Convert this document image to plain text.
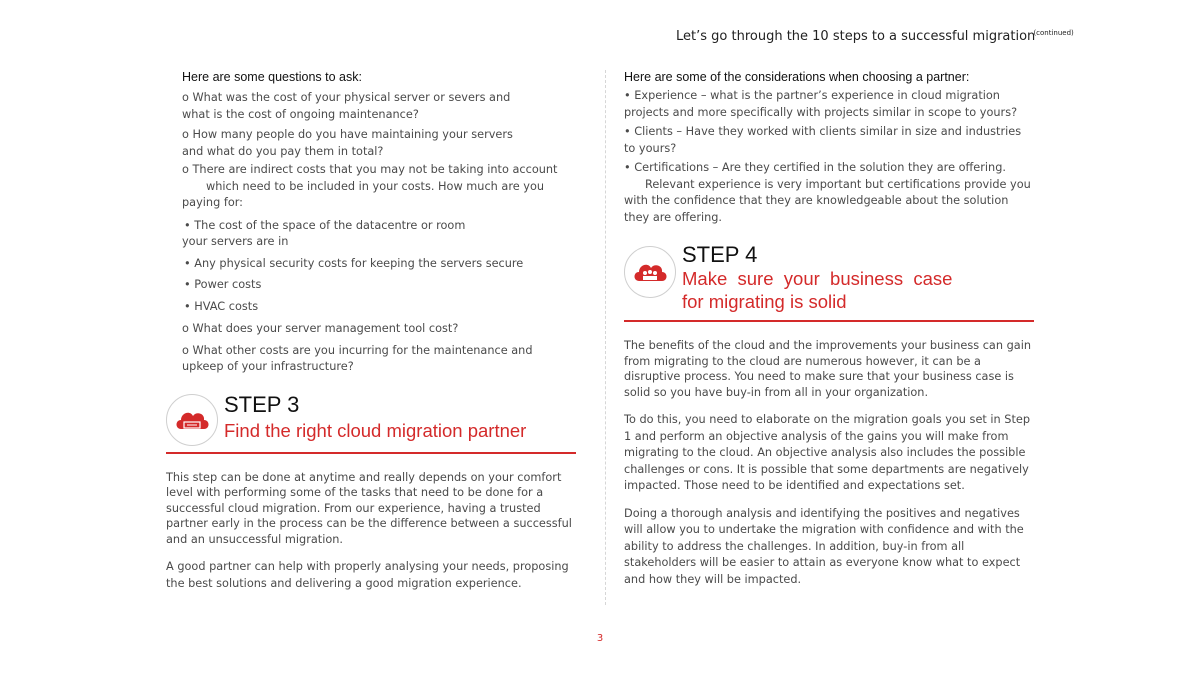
Let’s go through the 10 steps to a successful migration $^{(continued)}$
Here are some questions to ask:
o What was the cost of your physical server or severs and
what is the cost of ongoing maintenance?
o How many people do you have maintaining your servers
and what do you pay them in total?
o There are indirect costs that you may not be taking into account
which need to be included in your costs. How much are you
paying for:
• The cost of the space of the datacentre or room
your servers are in
• Any physical security costs for keeping the servers secure
• Power costs
• HVAC costs
o What does your server management tool cost?
o What other costs are you incurring for the maintenance and
upkeep of your infrastructure?
STEP 3
Find the right cloud migration partner

This step can be done at anytime and really depends on your comfort level with performing some of the tasks that need to be done for a successful cloud migration. From our experience, having a trusted partner early in the process can be the difference between a successful and an unsuccessful migration.

A good partner can help with properly analysing your needs, proposing the best solutions and delivering a good migration experience.

Here are some of the considerations when choosing a partner:
• Experience – what is the partner’s experience in cloud migration projects and more specifically with projects similar in scope to yours?
• Clients – Have they worked with clients similar in size and industries to yours?
• Certifications – Are they certified in the solution they are offering.
Relevant experience is very important but certifications provide you with the confidence that they are knowledgeable about the solution they are offering.
STEP 4
Make  sure  your  business  case
for migrating is solid

The benefits of the cloud and the improvements your business can gain from migrating to the cloud are numerous however, it can be a disruptive process. You need to make sure that your business case is solid so you have buy-in from all in your organization.

To do this, you need to elaborate on the migration goals you set in Step 1 and perform an objective analysis of the gains you will make from migrating to the cloud. An objective analysis also includes the possible challenges or cons. It is possible that some departments are negatively impacted. Those need to be identified and expectations set.

Doing a thorough analysis and identifying the positives and negatives will allow you to undertake the migration with confidence and with the ability to address the challenges. In addition, buy-in from all stakeholders will be easier to attain as everyone know what to expect and how they will be impacted.

3
